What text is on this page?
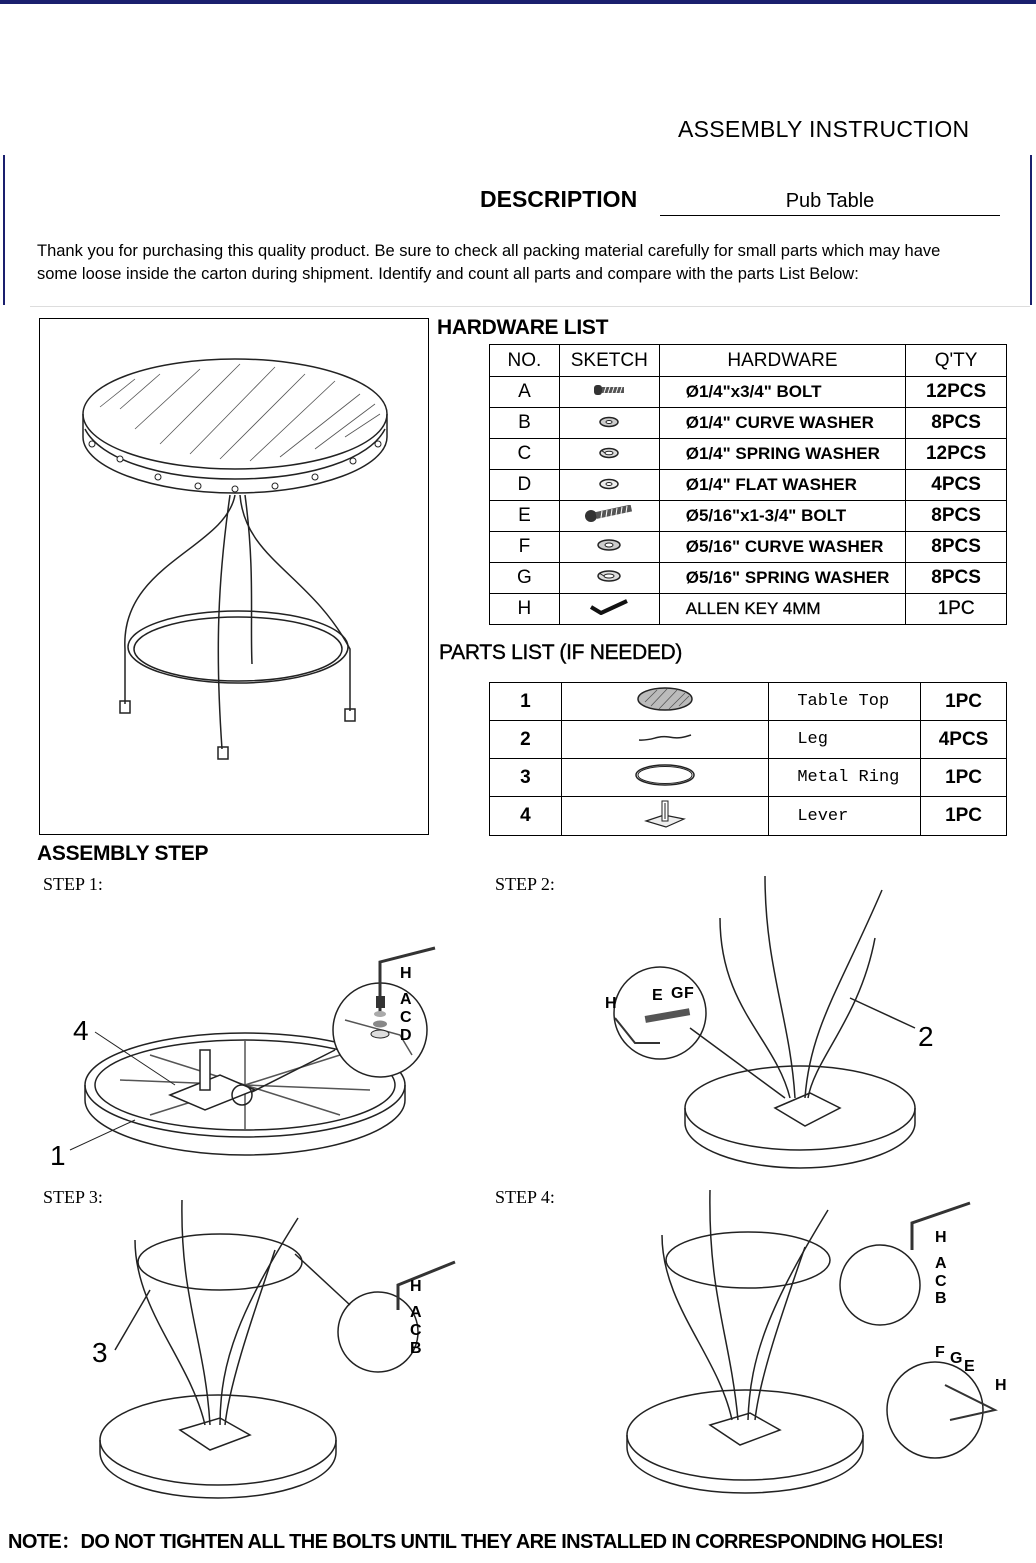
ASSEMBLY INSTRUCTION
DESCRIPTION	Pub Table
Thank you for purchasing this quality product. Be sure to check all packing material carefully for small parts which may have
some loose inside the carton during shipment. Identify and count all parts and compare with the parts List Below:
HARDWARE LIST
NO.	SKETCH	HARDWARE	Q'TY
A		Ø1/4"x3/4" BOLT	12PCS
B		Ø1/4" CURVE WASHER	8PCS
C		Ø1/4" SPRING WASHER	12PCS
D		Ø1/4" FLAT WASHER	4PCS
E		Ø5/16"x1-3/4" BOLT	8PCS
F		Ø5/16" CURVE WASHER	8PCS
G		Ø5/16" SPRING WASHER	8PCS
H		ALLEN KEY 4MM	1PC
PARTS LIST (IF NEEDED)
1		Table Top	1PC
2		Leg	4PCS
3		Metal Ring	1PC
4		Lever	1PC
ASSEMBLY STEP
STEP 1:	STEP 2:
STEP 3:	STEP 4:
H
A
C
D
4
1
H E G F
2
H
A
C
B
3
H
A
C
B
F G E
H
NOTE：DO NOT TIGHTEN ALL THE BOLTS UNTIL THEY ARE INSTALLED IN CORRESPONDING HOLES!
